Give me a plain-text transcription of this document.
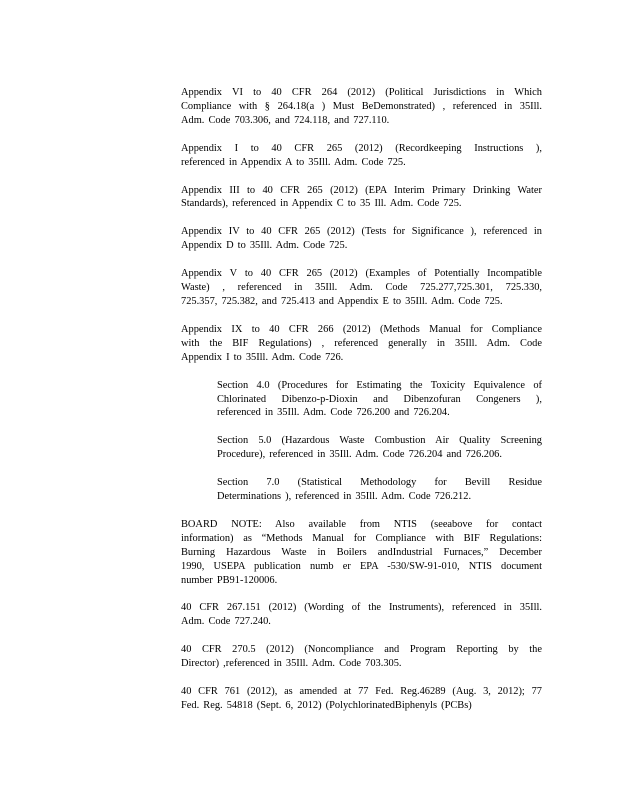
Appendix VI to 40 CFR 264 (2012) (Political Jurisdictions in Which
Compliance with § 264.18(a ) Must BeDemonstrated) , referenced in 35Ill.
Adm. Code 703.306, and 724.118, and 727.110.
Appendix I to 40 CFR 265 (2012) (Recordkeeping Instructions ),
referenced in Appendix A to 35Ill. Adm. Code 725.
Appendix III to 40 CFR 265 (2012) (EPA Interim Primary Drinking Water
Standards), referenced in Appendix C to 35 Ill. Adm. Code 725.
Appendix IV to 40 CFR 265 (2012) (Tests for Significance ), referenced in
Appendix D to 35Ill. Adm. Code 725.
Appendix V to 40 CFR 265 (2012) (Examples of Potentially Incompatible
Waste) , referenced in 35Ill. Adm. Code 725.277,725.301, 725.330,
725.357, 725.382, and 725.413 and Appendix E to 35Ill. Adm. Code 725.
Appendix IX to 40 CFR 266 (2012) (Methods Manual for Compliance
with the BIF Regulations) , referenced generally in 35Ill. Adm. Code
Appendix I to 35Ill. Adm. Code 726.
Section 4.0 (Procedures for Estimating the Toxicity Equivalence of
Chlorinated Dibenzo-p-Dioxin and Dibenzofuran Congeners ),
referenced in 35Ill. Adm. Code 726.200 and 726.204.
Section 5.0 (Hazardous Waste Combustion Air Quality Screening
Procedure), referenced in 35Ill. Adm. Code 726.204 and 726.206.
Section 7.0 (Statistical Methodology for Bevill Residue
Determinations ), referenced in 35Ill. Adm. Code 726.212.
BOARD NOTE: Also available from NTIS (seeabove for contact
information) as “Methods Manual for Compliance with BIF Regulations:
Burning Hazardous Waste in Boilers andIndustrial Furnaces,” December
1990, USEPA publication numb er EPA -530/SW-91-010, NTIS document
number PB91-120006.
40 CFR 267.151 (2012) (Wording of the Instruments), referenced in 35Ill.
Adm. Code 727.240.
40 CFR 270.5 (2012) (Noncompliance and Program Reporting by the
Director) ,referenced in 35Ill. Adm. Code 703.305.
40 CFR 761 (2012), as amended at 77 Fed. Reg.46289 (Aug. 3, 2012); 77
Fed. Reg. 54818 (Sept. 6, 2012) (PolychlorinatedBiphenyls (PCBs)
